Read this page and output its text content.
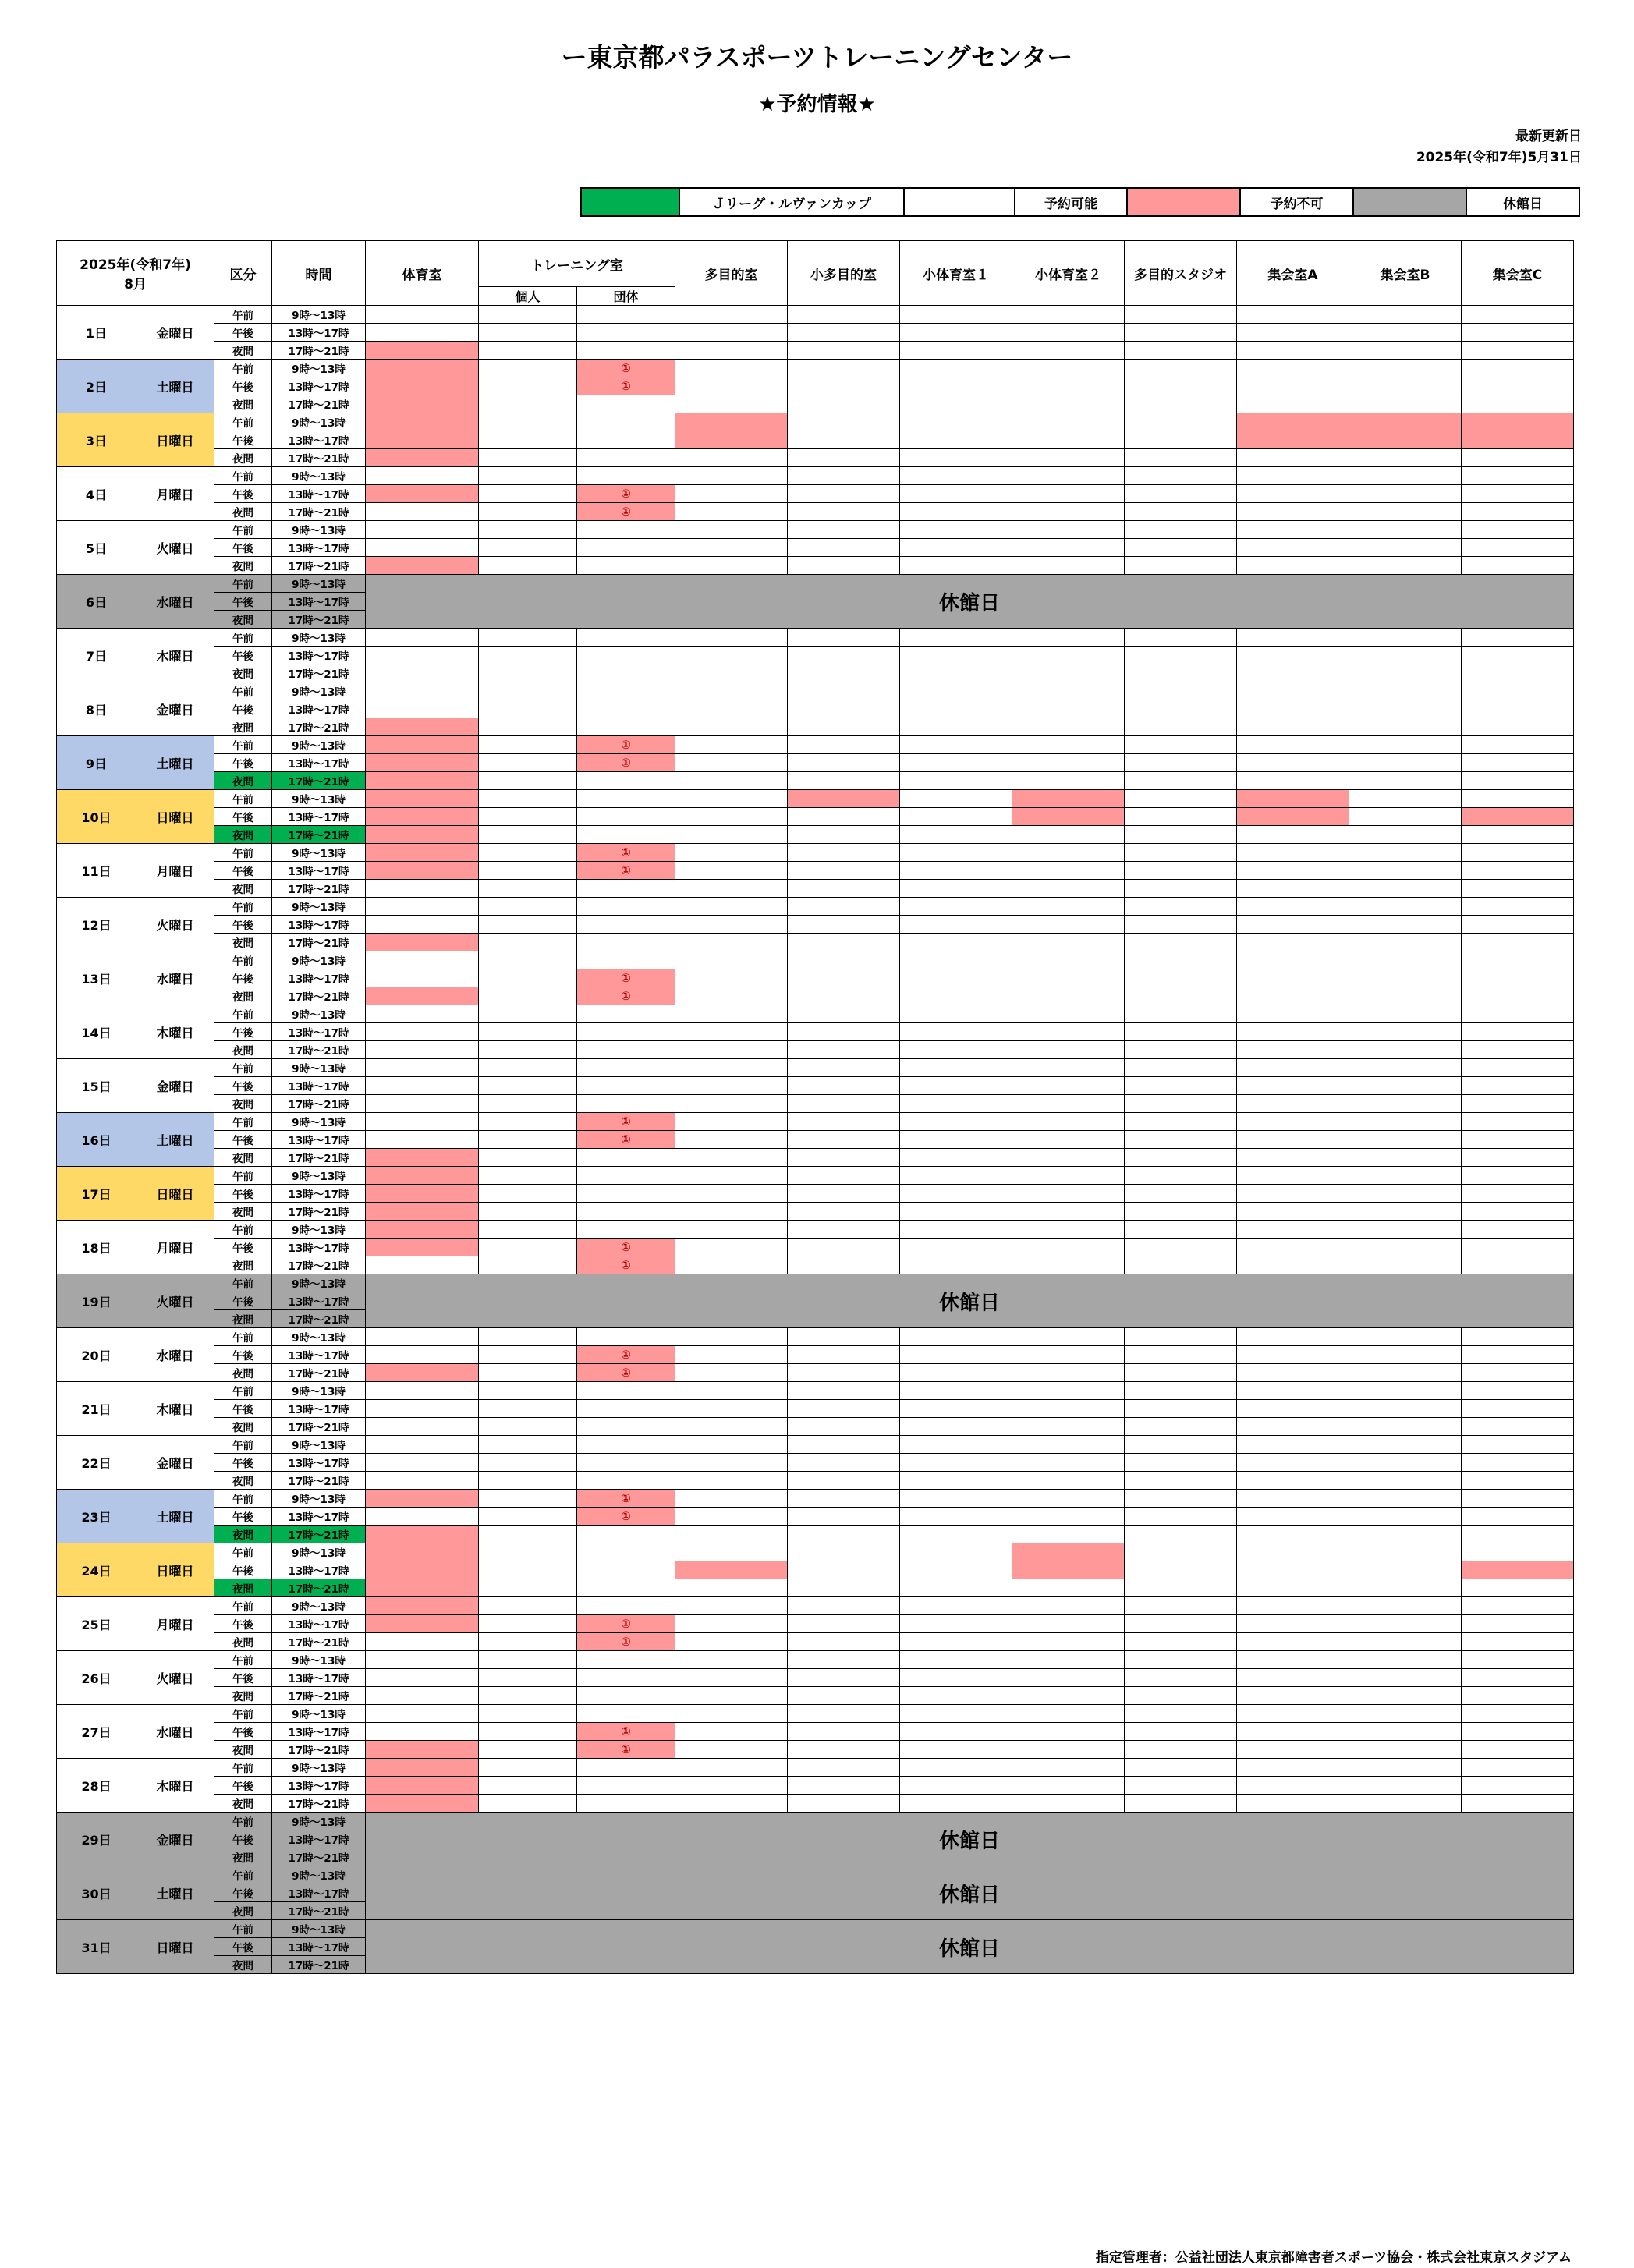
ー東京都パラスポーツトレーニングセンター
★予約情報★
最新更新日
2025年(令和7年)5月31日
	Ｊリーグ・ルヴァンカップ		予約可能		予約不可		休館日
2025年(令和7年)
8月		区分	時間	体育室	トレーニング室		多目的室	小多目的室	小体育室１	小体育室２	多目的スタジオ	集会室A	集会室B	集会室C
					個人	団体								
1日	金曜日	午前	9時～13時											
		午後	13時～17時											
		夜間	17時～21時											
2日	土曜日	午前	9時～13時			①								
		午後	13時～17時			①								
		夜間	17時～21時											
3日	日曜日	午前	9時～13時											
		午後	13時～17時											
		夜間	17時～21時											
4日	月曜日	午前	9時～13時											
		午後	13時～17時			①								
		夜間	17時～21時			①								
5日	火曜日	午前	9時～13時											
		午後	13時～17時											
		夜間	17時～21時											
6日	水曜日	午前	9時～13時	休館日										
		午後	13時～17時											
		夜間	17時～21時											
7日	木曜日	午前	9時～13時											
		午後	13時～17時											
		夜間	17時～21時											
8日	金曜日	午前	9時～13時											
		午後	13時～17時											
		夜間	17時～21時											
9日	土曜日	午前	9時～13時			①								
		午後	13時～17時			①								
		夜間	17時～21時											
10日	日曜日	午前	9時～13時											
		午後	13時～17時											
		夜間	17時～21時											
11日	月曜日	午前	9時～13時			①								
		午後	13時～17時			①								
		夜間	17時～21時											
12日	火曜日	午前	9時～13時											
		午後	13時～17時											
		夜間	17時～21時											
13日	水曜日	午前	9時～13時											
		午後	13時～17時			①								
		夜間	17時～21時			①								
14日	木曜日	午前	9時～13時											
		午後	13時～17時											
		夜間	17時～21時											
15日	金曜日	午前	9時～13時											
		午後	13時～17時											
		夜間	17時～21時											
16日	土曜日	午前	9時～13時			①								
		午後	13時～17時			①								
		夜間	17時～21時											
17日	日曜日	午前	9時～13時											
		午後	13時～17時											
		夜間	17時～21時											
18日	月曜日	午前	9時～13時											
		午後	13時～17時			①								
		夜間	17時～21時			①								
19日	火曜日	午前	9時～13時	休館日										
		午後	13時～17時											
		夜間	17時～21時											
20日	水曜日	午前	9時～13時											
		午後	13時～17時			①								
		夜間	17時～21時			①								
21日	木曜日	午前	9時～13時											
		午後	13時～17時											
		夜間	17時～21時											
22日	金曜日	午前	9時～13時											
		午後	13時～17時											
		夜間	17時～21時											
23日	土曜日	午前	9時～13時			①								
		午後	13時～17時			①								
		夜間	17時～21時											
24日	日曜日	午前	9時～13時											
		午後	13時～17時											
		夜間	17時～21時											
25日	月曜日	午前	9時～13時											
		午後	13時～17時			①								
		夜間	17時～21時			①								
26日	火曜日	午前	9時～13時											
		午後	13時～17時											
		夜間	17時～21時											
27日	水曜日	午前	9時～13時											
		午後	13時～17時			①								
		夜間	17時～21時			①								
28日	木曜日	午前	9時～13時											
		午後	13時～17時											
		夜間	17時～21時											
29日	金曜日	午前	9時～13時	休館日										
		午後	13時～17時											
		夜間	17時～21時											
30日	土曜日	午前	9時～13時	休館日										
		午後	13時～17時											
		夜間	17時～21時											
31日	日曜日	午前	9時～13時	休館日										
		午後	13時～17時											
		夜間	17時～21時											
指定管理者：公益社団法人東京都障害者スポーツ協会・株式会社東京スタジアム
